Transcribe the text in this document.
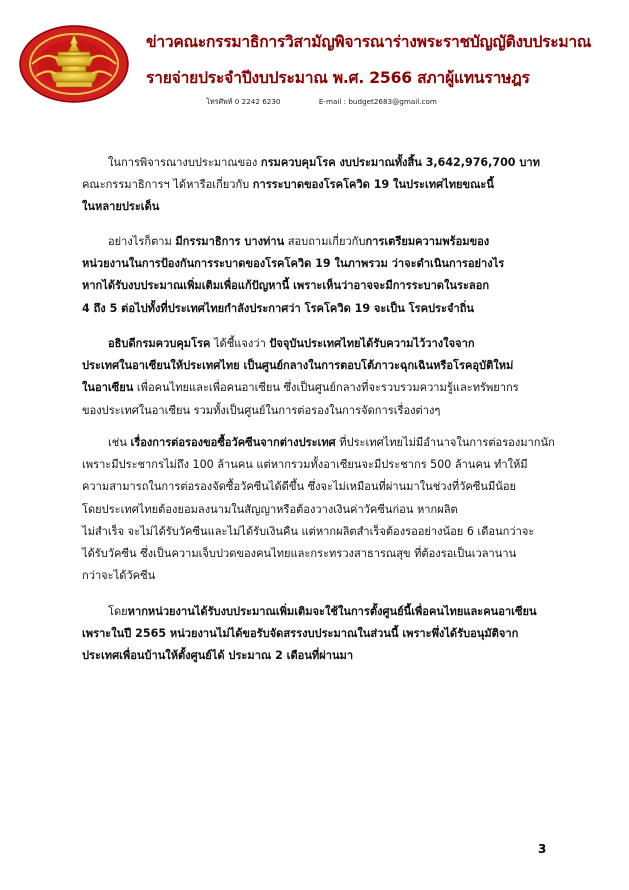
ข่าวคณะกรรมาธิการวิสามัญพิจารณาร่างพระราชบัญญัติงบประมาณ
รายจ่ายประจำปีงบประมาณ พ.ศ. 2566 สภาผู้แทนราษฎร
โทรศัพท์ 0 2242 6230	E-mail : budget2683@gmail.com
ในการพิจารณางบประมาณของ กรมควบคุมโรค งบประมาณทั้งสิ้น 3,642,976,700 บาท
คณะกรรมาธิการฯ ได้หารือเกี่ยวกับ การระบาดของโรคโควิด 19 ในประเทศไทยขณะนี้
ในหลายประเด็น
อย่างไรก็ตาม มีกรรมาธิการ บางท่าน สอบถามเกี่ยวกับการเตรียมความพร้อมของ
หน่วยงานในการป้องกันการระบาดของโรคโควิด 19 ในภาพรวม ว่าจะดำเนินการอย่างไร
หากได้รับงบประมาณเพิ่มเติมเพื่อแก้ปัญหานี้ เพราะเห็นว่าอาจจะมีการระบาดในระลอก
4 ถึง 5 ต่อไปทั้งที่ประเทศไทยกำลังประกาศว่า โรคโควิด 19 จะเป็น โรคประจำถิ่น
อธิบดีกรมควบคุมโรค ได้ชี้แจงว่า ปัจจุบันประเทศไทยได้รับความไว้วางใจจาก
ประเทศในอาเซียนให้ประเทศไทย เป็นศูนย์กลางในการตอบโต้ภาวะฉุกเฉินหรือโรคอุบัติใหม่
ในอาเซียน เพื่อคนไทยและเพื่อคนอาเซียน ซึ่งเป็นศูนย์กลางที่จะรวบรวมความรู้และทรัพยากร
ของประเทศในอาเซียน รวมทั้งเป็นศูนย์ในการต่อรองในการจัดการเรื่องต่างๆ
เช่น เรื่องการต่อรองขอซื้อวัคซีนจากต่างประเทศ ที่ประเทศไทยไม่มีอำนาจในการต่อรองมากนัก
เพราะมีประชากรไม่ถึง 100 ล้านคน แต่หากรวมทั้งอาเซียนจะมีประชากร 500 ล้านคน ทำให้มี
ความสามารถในการต่อรองจัดซื้อวัคซีนได้ดีขึ้น ซึ่งจะไม่เหมือนที่ผ่านมาในช่วงที่วัคซีนมีน้อย
โดยประเทศไทยต้องยอมลงนามในสัญญาหรือต้องวางเงินค่าวัคซีนก่อน หากผลิต
ไม่สำเร็จ จะไม่ได้รับวัคซีนและไม่ได้รับเงินคืน แต่หากผลิตสำเร็จต้องรออย่างน้อย 6 เดือนกว่าจะ
ได้รับวัคซีน ซึ่งเป็นความเจ็บปวดของคนไทยและกระทรวงสาธารณสุข ที่ต้องรอเป็นเวลานาน
กว่าจะได้วัคซีน
โดยหากหน่วยงานได้รับงบประมาณเพิ่มเติมจะใช้ในการตั้งศูนย์นี้เพื่อคนไทยและคนอาเซียน
เพราะในปี 2565 หน่วยงานไม่ได้ขอรับจัดสรรงบประมาณในส่วนนี้ เพราะพึ่งได้รับอนุมัติจาก
ประเทศเพื่อนบ้านให้ตั้งศูนย์ได้ ประมาณ 2 เดือนที่ผ่านมา
3
